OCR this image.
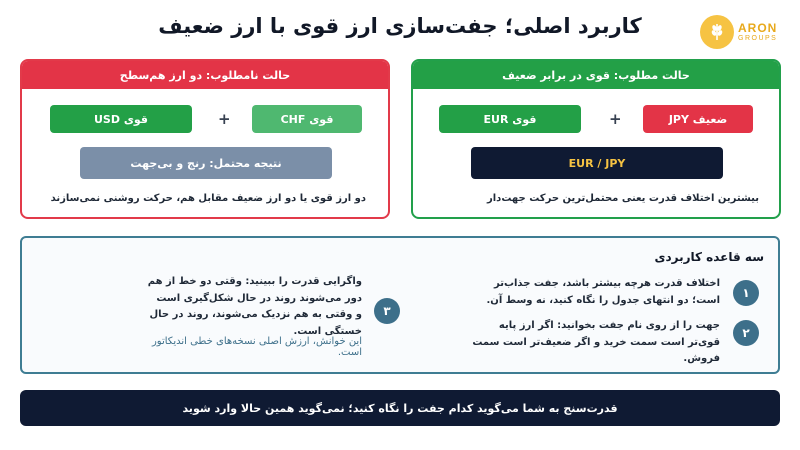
کاربرد اصلی؛ جفت‌سازی ارز قوی با ارز ضعیف	ARON
GROUPS
حالت مطلوب: قوی در برابر ضعیف
ضعیف JPY
+
قوی EUR
EUR / JPY
بیشترین اختلاف قدرت یعنی محتمل‌ترین حرکت جهت‌دار
حالت نامطلوب: دو ارز هم‌سطح
قوی CHF
+
قوی USD
نتیجه محتمل: رنج و بی‌جهت
دو ارز قوی یا دو ارز ضعیف مقابل هم، حرکت روشنی نمی‌سازند
سه قاعده کاربردی
۱
اختلاف قدرت هرچه بیشتر باشد، جفت جذاب‌تر است؛ دو انتهای جدول را نگاه کنید، نه وسط آن.
۲
جهت را از روی نام جفت بخوانید: اگر ارز پایه قوی‌تر است سمت خرید و اگر ضعیف‌تر است سمت فروش.
۳
واگرایی قدرت را ببینید: وقتی دو خط از هم دور می‌شوند روند در حال شکل‌گیری است و وقتی به هم نزدیک می‌شوند، روند در حال خستگی است.
این خوانش، ارزش اصلی نسخه‌های خطی اندیکاتور است.
قدرت‌سنج به شما می‌گوید کدام جفت را نگاه کنید؛ نمی‌گوید همین حالا وارد شوید
